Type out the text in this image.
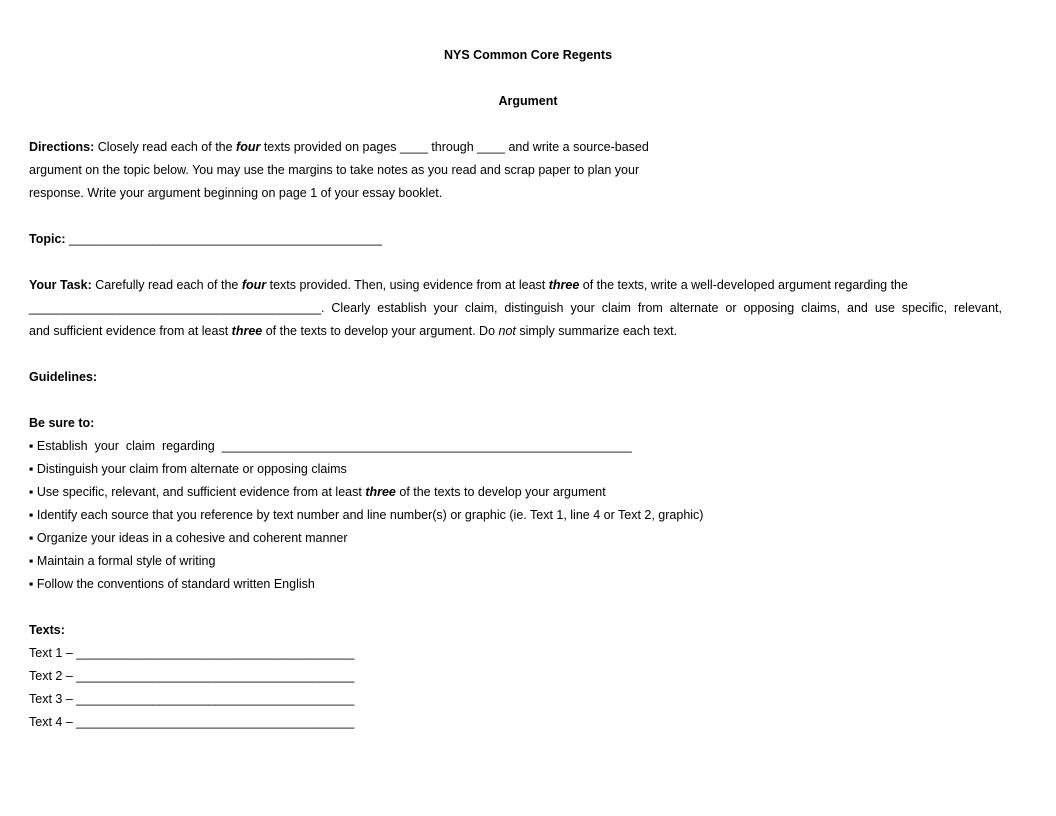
NYS Common Core Regents
Argument
Directions: Closely read each of the four texts provided on pages ____ through ____ and write a source-based
argument on the topic below. You may use the margins to take notes as you read and scrap paper to plan your
response. Write your argument beginning on page 1 of your essay booklet.
Topic: _____________________________________________
Your Task: Carefully read each of the four texts provided. Then, using evidence from at least three of the texts, write a well-developed argument regarding the
__________________________________________. Clearly establish your claim, distinguish your claim from alternate or opposing claims, and use specific, relevant,
and sufficient evidence from at least three of the texts to develop your argument. Do not simply summarize each text.
Guidelines:
Be sure to:
▪ Establish  your  claim  regarding  ___________________________________________________________
▪ Distinguish your claim from alternate or opposing claims
▪ Use specific, relevant, and sufficient evidence from at least three of the texts to develop your argument
▪ Identify each source that you reference by text number and line number(s) or graphic (ie. Text 1, line 4 or Text 2, graphic)
▪ Organize your ideas in a cohesive and coherent manner
▪ Maintain a formal style of writing
▪ Follow the conventions of standard written English
Texts:
Text 1 – ________________________________________
Text 2 – ________________________________________
Text 3 – ________________________________________
Text 4 – ________________________________________
